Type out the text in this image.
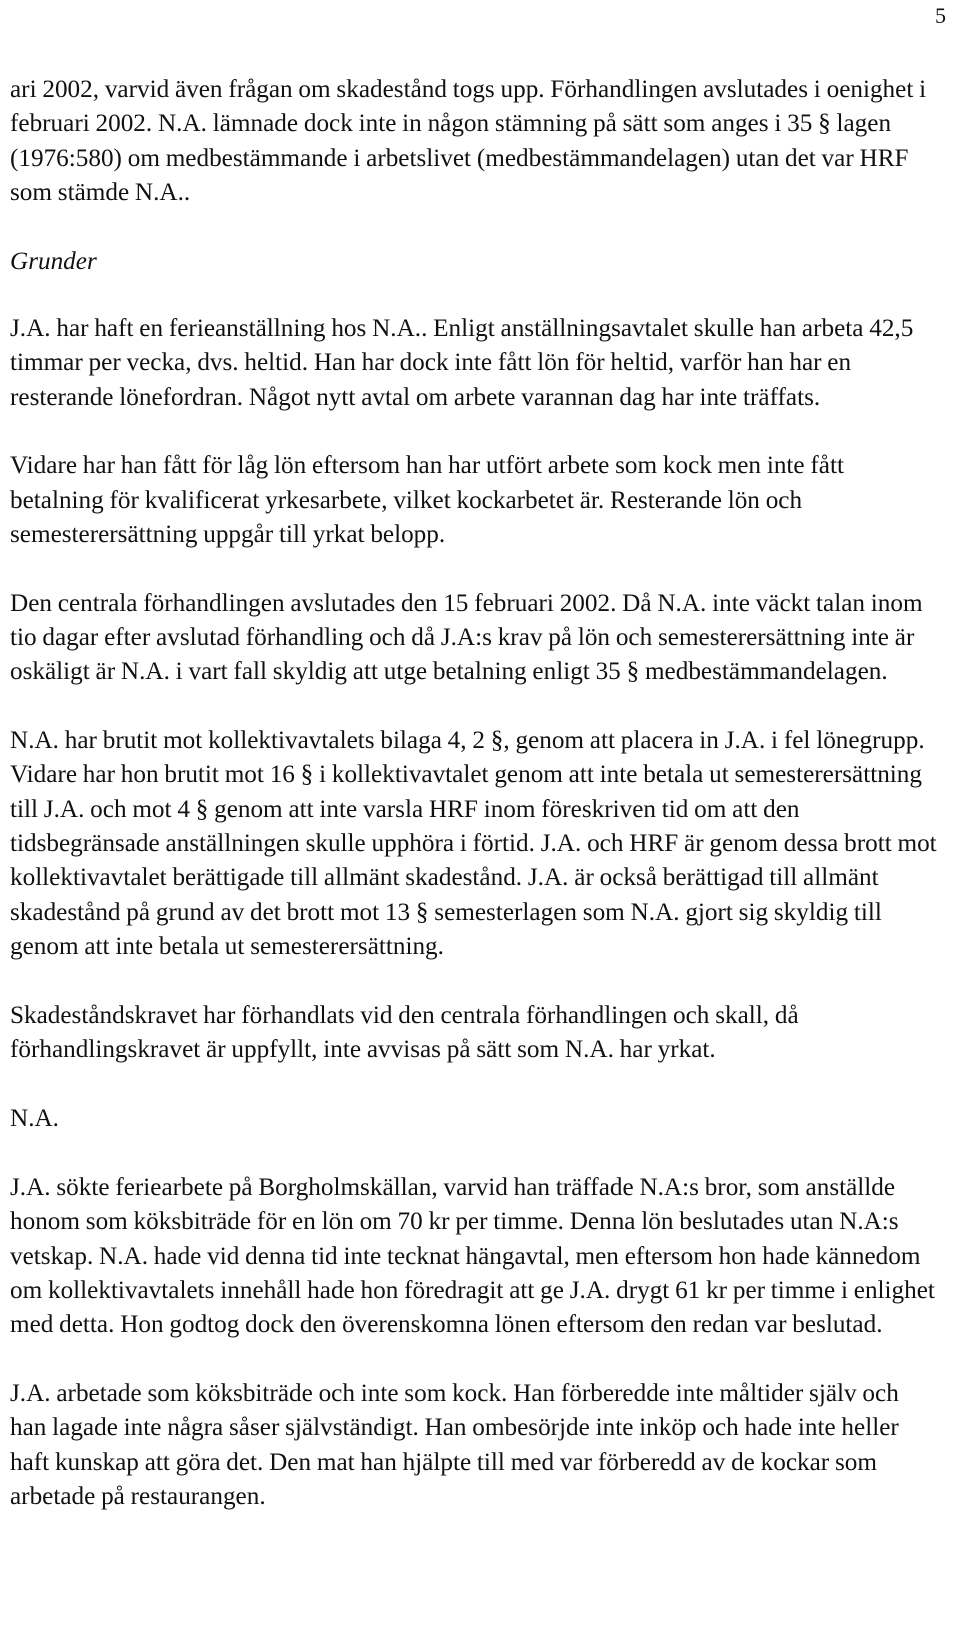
5

ari 2002, varvid även frågan om skadestånd togs upp. Förhandlingen avslutades i oenighet i februari 2002. N.A. lämnade dock inte in någon stämning på sätt som anges i 35 § lagen (1976:580) om medbestämmande i arbetslivet (medbestämmandelagen) utan det var HRF som stämde N.A..

Grunder

J.A. har haft en ferieanställning hos N.A.. Enligt anställningsavtalet skulle han arbeta 42,5 timmar per vecka, dvs. heltid. Han har dock inte fått lön för heltid, varför han har en resterande lönefordran. Något nytt avtal om arbete varannan dag har inte träffats.

Vidare har han fått för låg lön eftersom han har utfört arbete som kock men inte fått betalning för kvalificerat yrkesarbete, vilket kockarbetet är. Resterande lön och semesterersättning uppgår till yrkat belopp.

Den centrala förhandlingen avslutades den 15 februari 2002. Då N.A. inte väckt talan inom tio dagar efter avslutad förhandling och då J.A:s krav på lön och semesterersättning inte är oskäligt är N.A. i vart fall skyldig att utge betalning enligt 35 § medbestämmandelagen.

N.A. har brutit mot kollektivavtalets bilaga 4, 2 §, genom att placera in J.A. i fel lönegrupp. Vidare har hon brutit mot 16 § i kollektivavtalet genom att inte betala ut semesterersättning till J.A. och mot 4 § genom att inte varsla HRF inom föreskriven tid om att den tidsbegränsade anställningen skulle upphöra i förtid. J.A. och HRF är genom dessa brott mot kollektivavtalet berättigade till allmänt skadestånd. J.A. är också berättigad till allmänt skadestånd på grund av det brott mot 13 § semesterlagen som N.A. gjort sig skyldig till genom att inte betala ut semesterersättning.

Skadeståndskravet har förhandlats vid den centrala förhandlingen och skall, då förhandlingskravet är uppfyllt, inte avvisas på sätt som N.A. har yrkat.

N.A.

J.A. sökte feriearbete på Borgholmskällan, varvid han träffade N.A:s bror, som anställde honom som köksbiträde för en lön om 70 kr per timme. Denna lön beslutades utan N.A:s vetskap. N.A. hade vid denna tid inte tecknat hängavtal, men eftersom hon hade kännedom om kollektivavtalets innehåll hade hon föredragit att ge J.A. drygt 61 kr per timme i enlighet med detta. Hon godtog dock den överenskomna lönen eftersom den redan var beslutad.

J.A. arbetade som köksbiträde och inte som kock. Han förberedde inte måltider själv och han lagade inte några såser självständigt. Han ombesörjde inte inköp och hade inte heller haft kunskap att göra det. Den mat han hjälpte till med var förberedd av de kockar som arbetade på restaurangen.
